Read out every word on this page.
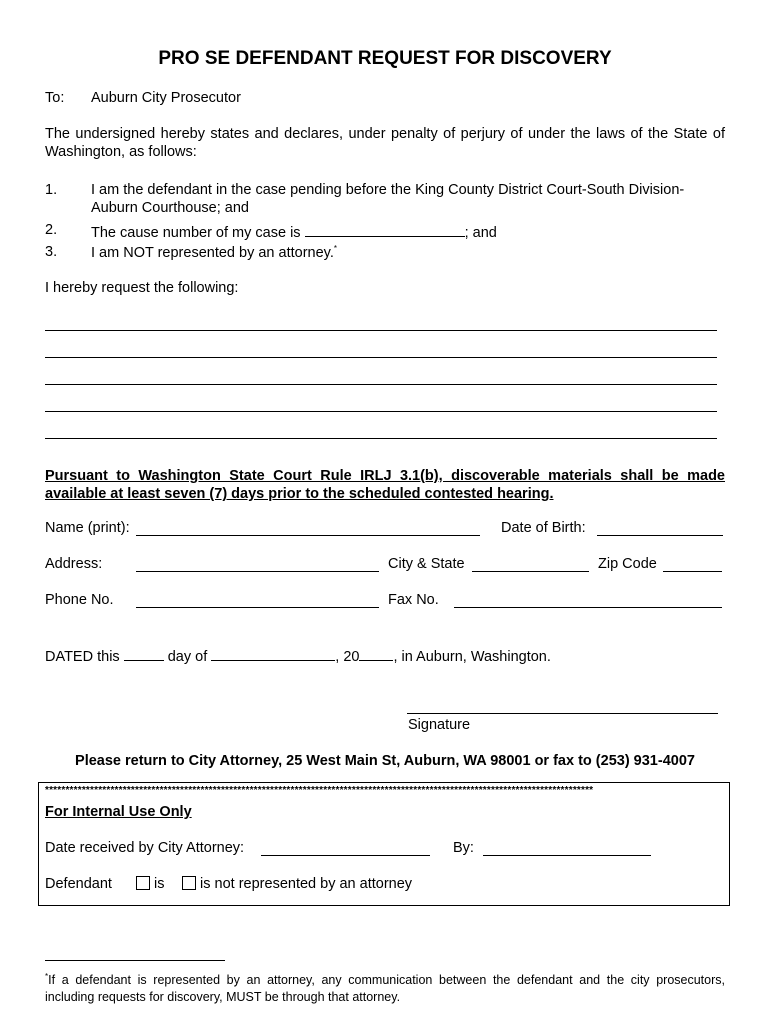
PRO SE DEFENDANT REQUEST FOR DISCOVERY
To: Auburn City Prosecutor
The undersigned hereby states and declares, under penalty of perjury of under the laws of the State of Washington, as follows:
1. I am the defendant in the case pending before the King County District Court-South Division-
Auburn Courthouse; and
2. The cause number of my case is	; and
3. I am NOT represented by an attorney.*
I hereby request the following:
Pursuant to Washington State Court Rule IRLJ 3.1(b), discoverable materials shall be made available at least seven (7) days prior to the scheduled contested hearing.
Name (print):	Date of Birth:
Address:	City & State	Zip Code
Phone No.	Fax No.
DATED this	day of	, 20 , in Auburn, Washington.
Signature
Please return to City Attorney, 25 West Main St, Auburn, WA 98001 or fax to (253) 931-4007
**************************************************************************************************************************************
For Internal Use Only
Date received by City Attorney:	By:
Defendant	is	is not represented by an attorney
*If a defendant is represented by an attorney, any communication between the defendant and the city prosecutors, including requests for discovery, MUST be through that attorney.
